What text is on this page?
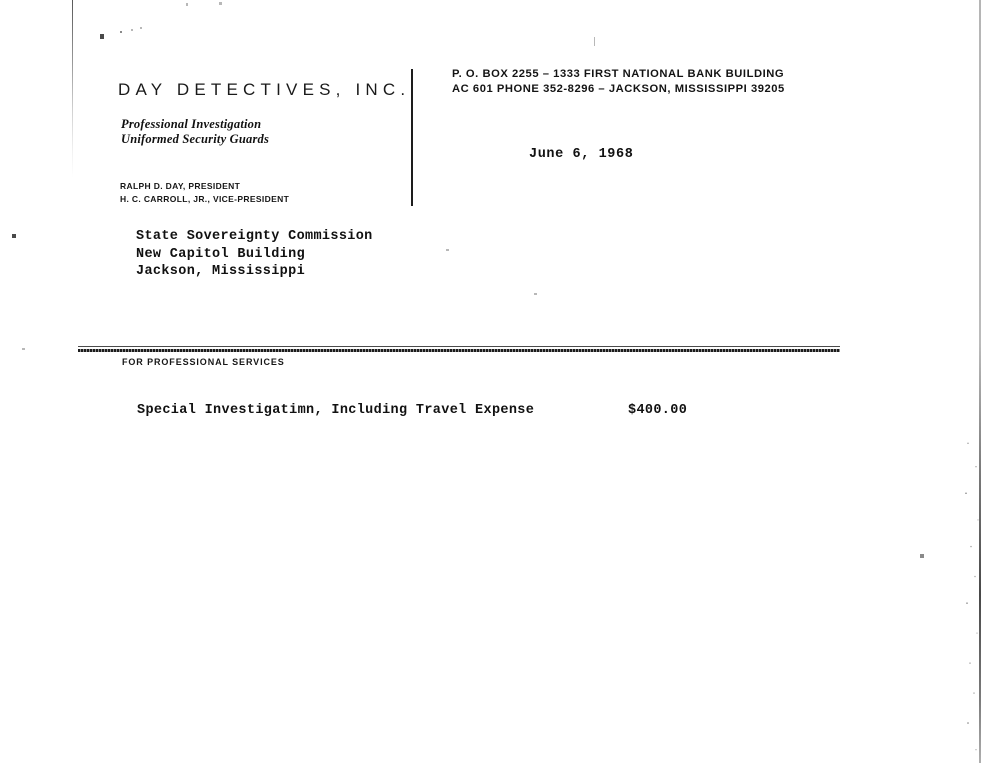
DAY DETECTIVES, INC.
Professional Investigation
Uniformed Security Guards
RALPH D. DAY, PRESIDENT
H. C. CARROLL, JR., VICE-PRESIDENT
P. O. BOX 2255 – 1333 FIRST NATIONAL BANK BUILDING
AC 601 PHONE 352-8296 – JACKSON, MISSISSIPPI 39205
June 6, 1968
State Sovereignty Commission
New Capitol Building
Jackson, Mississippi
FOR PROFESSIONAL SERVICES
Special Investigatimn, Including Travel Expense	$400.00
